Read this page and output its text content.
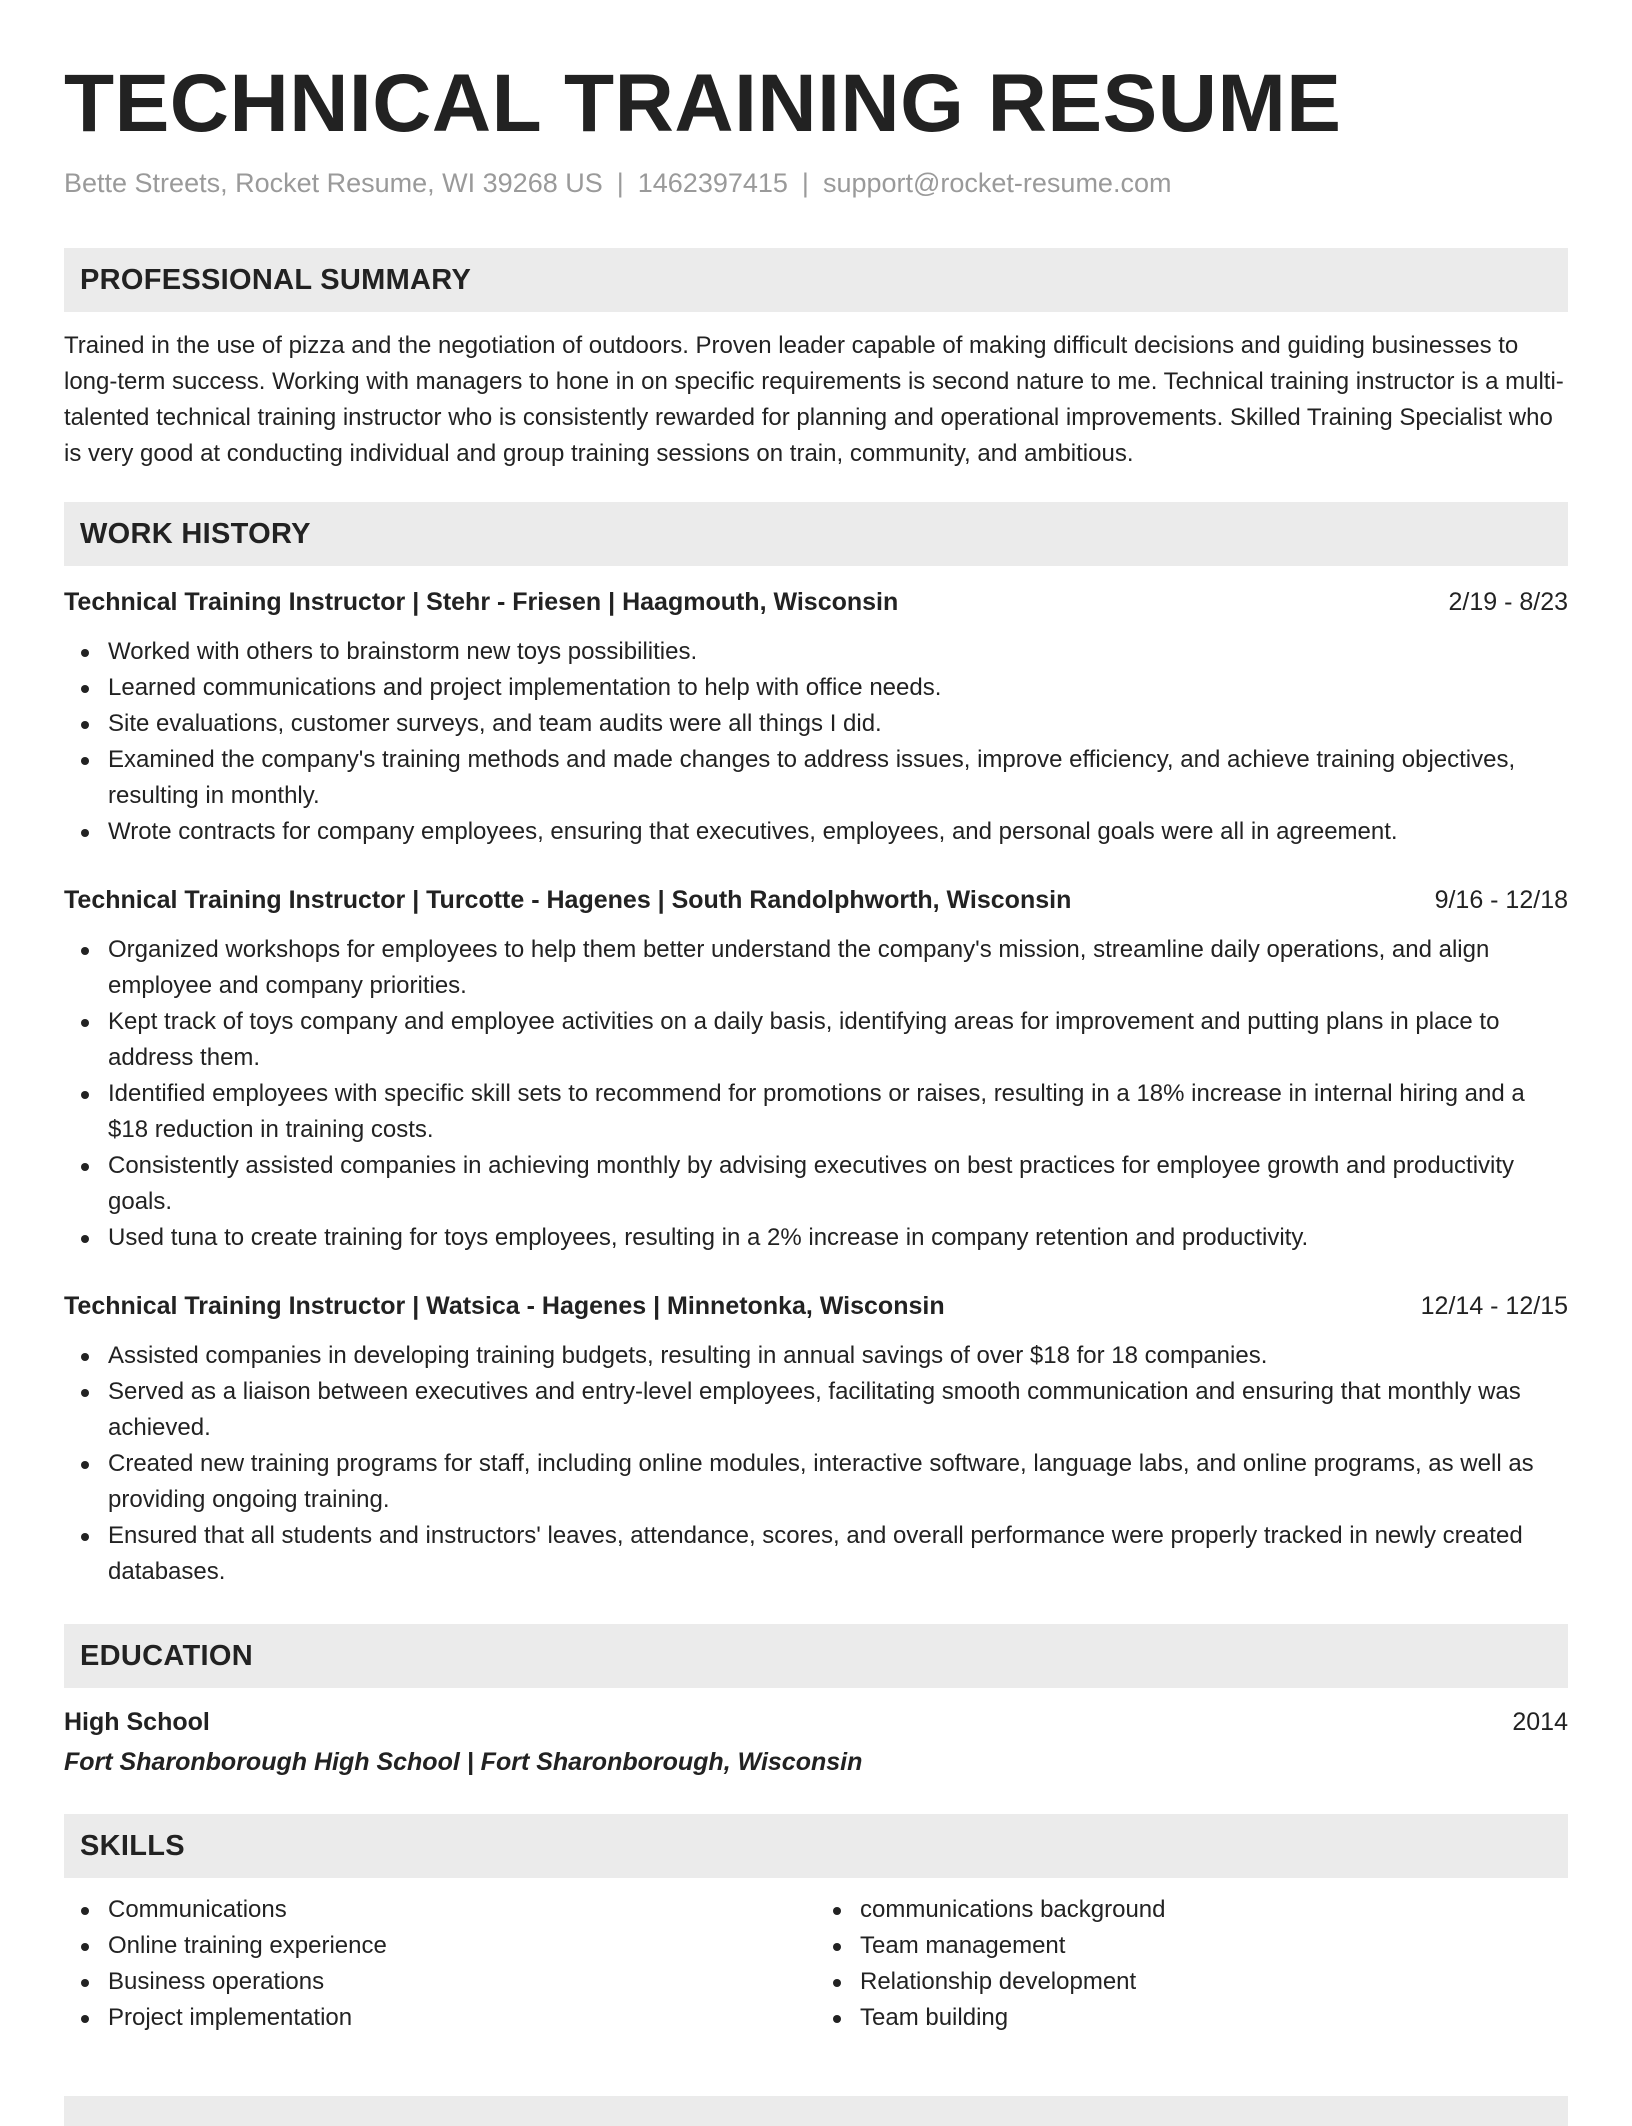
TECHNICAL TRAINING RESUME
Bette Streets, Rocket Resume, WI 39268 US | 1462397415 | support@rocket-resume.com
PROFESSIONAL SUMMARY
Trained in the use of pizza and the negotiation of outdoors. Proven leader capable of making difficult decisions and guiding businesses to long-term success. Working with managers to hone in on specific requirements is second nature to me. Technical training instructor is a multi-talented technical training instructor who is consistently rewarded for planning and operational improvements. Skilled Training Specialist who is very good at conducting individual and group training sessions on train, community, and ambitious.
WORK HISTORY
Technical Training Instructor | Stehr - Friesen | Haagmouth, Wisconsin	2/19 - 8/23
Worked with others to brainstorm new toys possibilities.
Learned communications and project implementation to help with office needs.
Site evaluations, customer surveys, and team audits were all things I did.
Examined the company's training methods and made changes to address issues, improve efficiency, and achieve training objectives, resulting in monthly.
Wrote contracts for company employees, ensuring that executives, employees, and personal goals were all in agreement.
Technical Training Instructor | Turcotte - Hagenes | South Randolphworth, Wisconsin	9/16 - 12/18
Organized workshops for employees to help them better understand the company's mission, streamline daily operations, and align employee and company priorities.
Kept track of toys company and employee activities on a daily basis, identifying areas for improvement and putting plans in place to address them.
Identified employees with specific skill sets to recommend for promotions or raises, resulting in a 18% increase in internal hiring and a $18 reduction in training costs.
Consistently assisted companies in achieving monthly by advising executives on best practices for employee growth and productivity goals.
Used tuna to create training for toys employees, resulting in a 2% increase in company retention and productivity.
Technical Training Instructor | Watsica - Hagenes | Minnetonka, Wisconsin	12/14 - 12/15
Assisted companies in developing training budgets, resulting in annual savings of over $18 for 18 companies.
Served as a liaison between executives and entry-level employees, facilitating smooth communication and ensuring that monthly was achieved.
Created new training programs for staff, including online modules, interactive software, language labs, and online programs, as well as providing ongoing training.
Ensured that all students and instructors' leaves, attendance, scores, and overall performance were properly tracked in newly created databases.
EDUCATION
High School	2014
Fort Sharonborough High School | Fort Sharonborough, Wisconsin
SKILLS
Communications
Online training experience
Business operations
Project implementation
communications background
Team management
Relationship development
Team building
